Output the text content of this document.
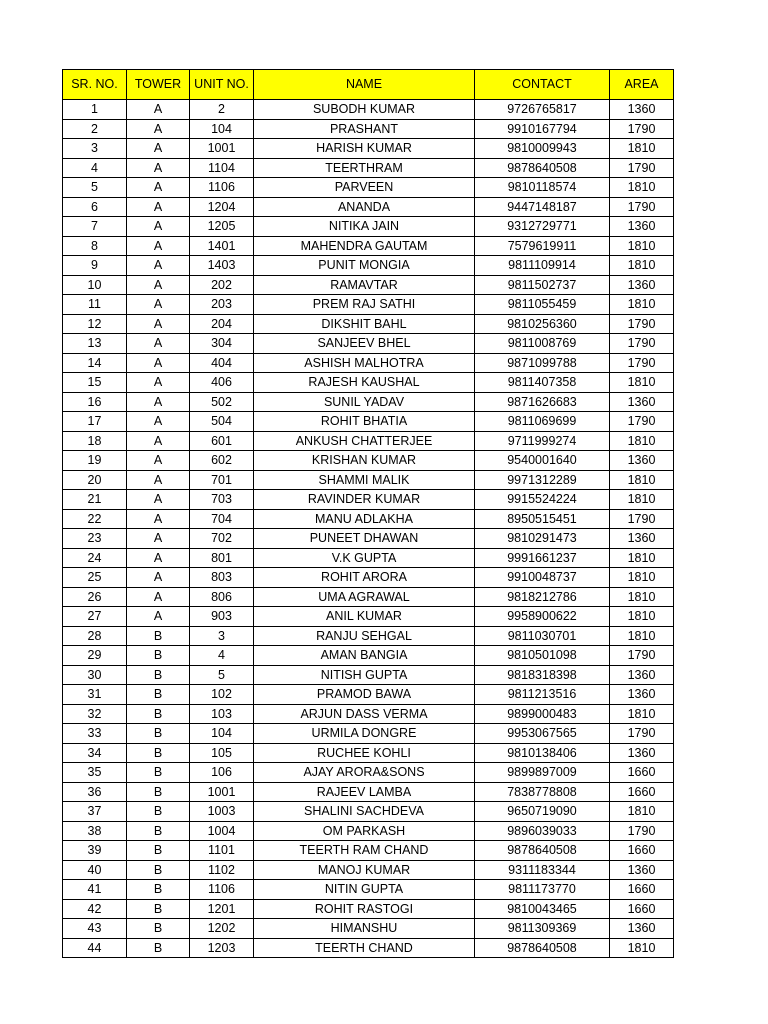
SR. NO.	TOWER	UNIT NO.	NAME	CONTACT	AREA
1	A	2	SUBODH KUMAR	9726765817	1360
2	A	104	PRASHANT	9910167794	1790
3	A	1001	HARISH KUMAR	9810009943	1810
4	A	1104	TEERTHRAM	9878640508	1790
5	A	1106	PARVEEN	9810118574	1810
6	A	1204	ANANDA	9447148187	1790
7	A	1205	NITIKA JAIN	9312729771	1360
8	A	1401	MAHENDRA GAUTAM	7579619911	1810
9	A	1403	PUNIT MONGIA	9811109914	1810
10	A	202	RAMAVTAR	9811502737	1360
11	A	203	PREM RAJ SATHI	9811055459	1810
12	A	204	DIKSHIT BAHL	9810256360	1790
13	A	304	SANJEEV BHEL	9811008769	1790
14	A	404	ASHISH MALHOTRA	9871099788	1790
15	A	406	RAJESH KAUSHAL	9811407358	1810
16	A	502	SUNIL YADAV	9871626683	1360
17	A	504	ROHIT BHATIA	9811069699	1790
18	A	601	ANKUSH CHATTERJEE	9711999274	1810
19	A	602	KRISHAN KUMAR	9540001640	1360
20	A	701	SHAMMI MALIK	9971312289	1810
21	A	703	RAVINDER KUMAR	9915524224	1810
22	A	704	MANU ADLAKHA	8950515451	1790
23	A	702	PUNEET DHAWAN	9810291473	1360
24	A	801	V.K GUPTA	9991661237	1810
25	A	803	ROHIT ARORA	9910048737	1810
26	A	806	UMA AGRAWAL	9818212786	1810
27	A	903	ANIL KUMAR	9958900622	1810
28	B	3	RANJU SEHGAL	9811030701	1810
29	B	4	AMAN BANGIA	9810501098	1790
30	B	5	NITISH GUPTA	9818318398	1360
31	B	102	PRAMOD BAWA	9811213516	1360
32	B	103	ARJUN DASS VERMA	9899000483	1810
33	B	104	URMILA DONGRE	9953067565	1790
34	B	105	RUCHEE KOHLI	9810138406	1360
35	B	106	AJAY ARORA&SONS	9899897009	1660
36	B	1001	RAJEEV LAMBA	7838778808	1660
37	B	1003	SHALINI SACHDEVA	9650719090	1810
38	B	1004	OM PARKASH	9896039033	1790
39	B	1101	TEERTH RAM CHAND	9878640508	1660
40	B	1102	MANOJ KUMAR	9311183344	1360
41	B	1106	NITIN GUPTA	9811173770	1660
42	B	1201	ROHIT RASTOGI	9810043465	1660
43	B	1202	HIMANSHU	9811309369	1360
44	B	1203	TEERTH CHAND	9878640508	1810
